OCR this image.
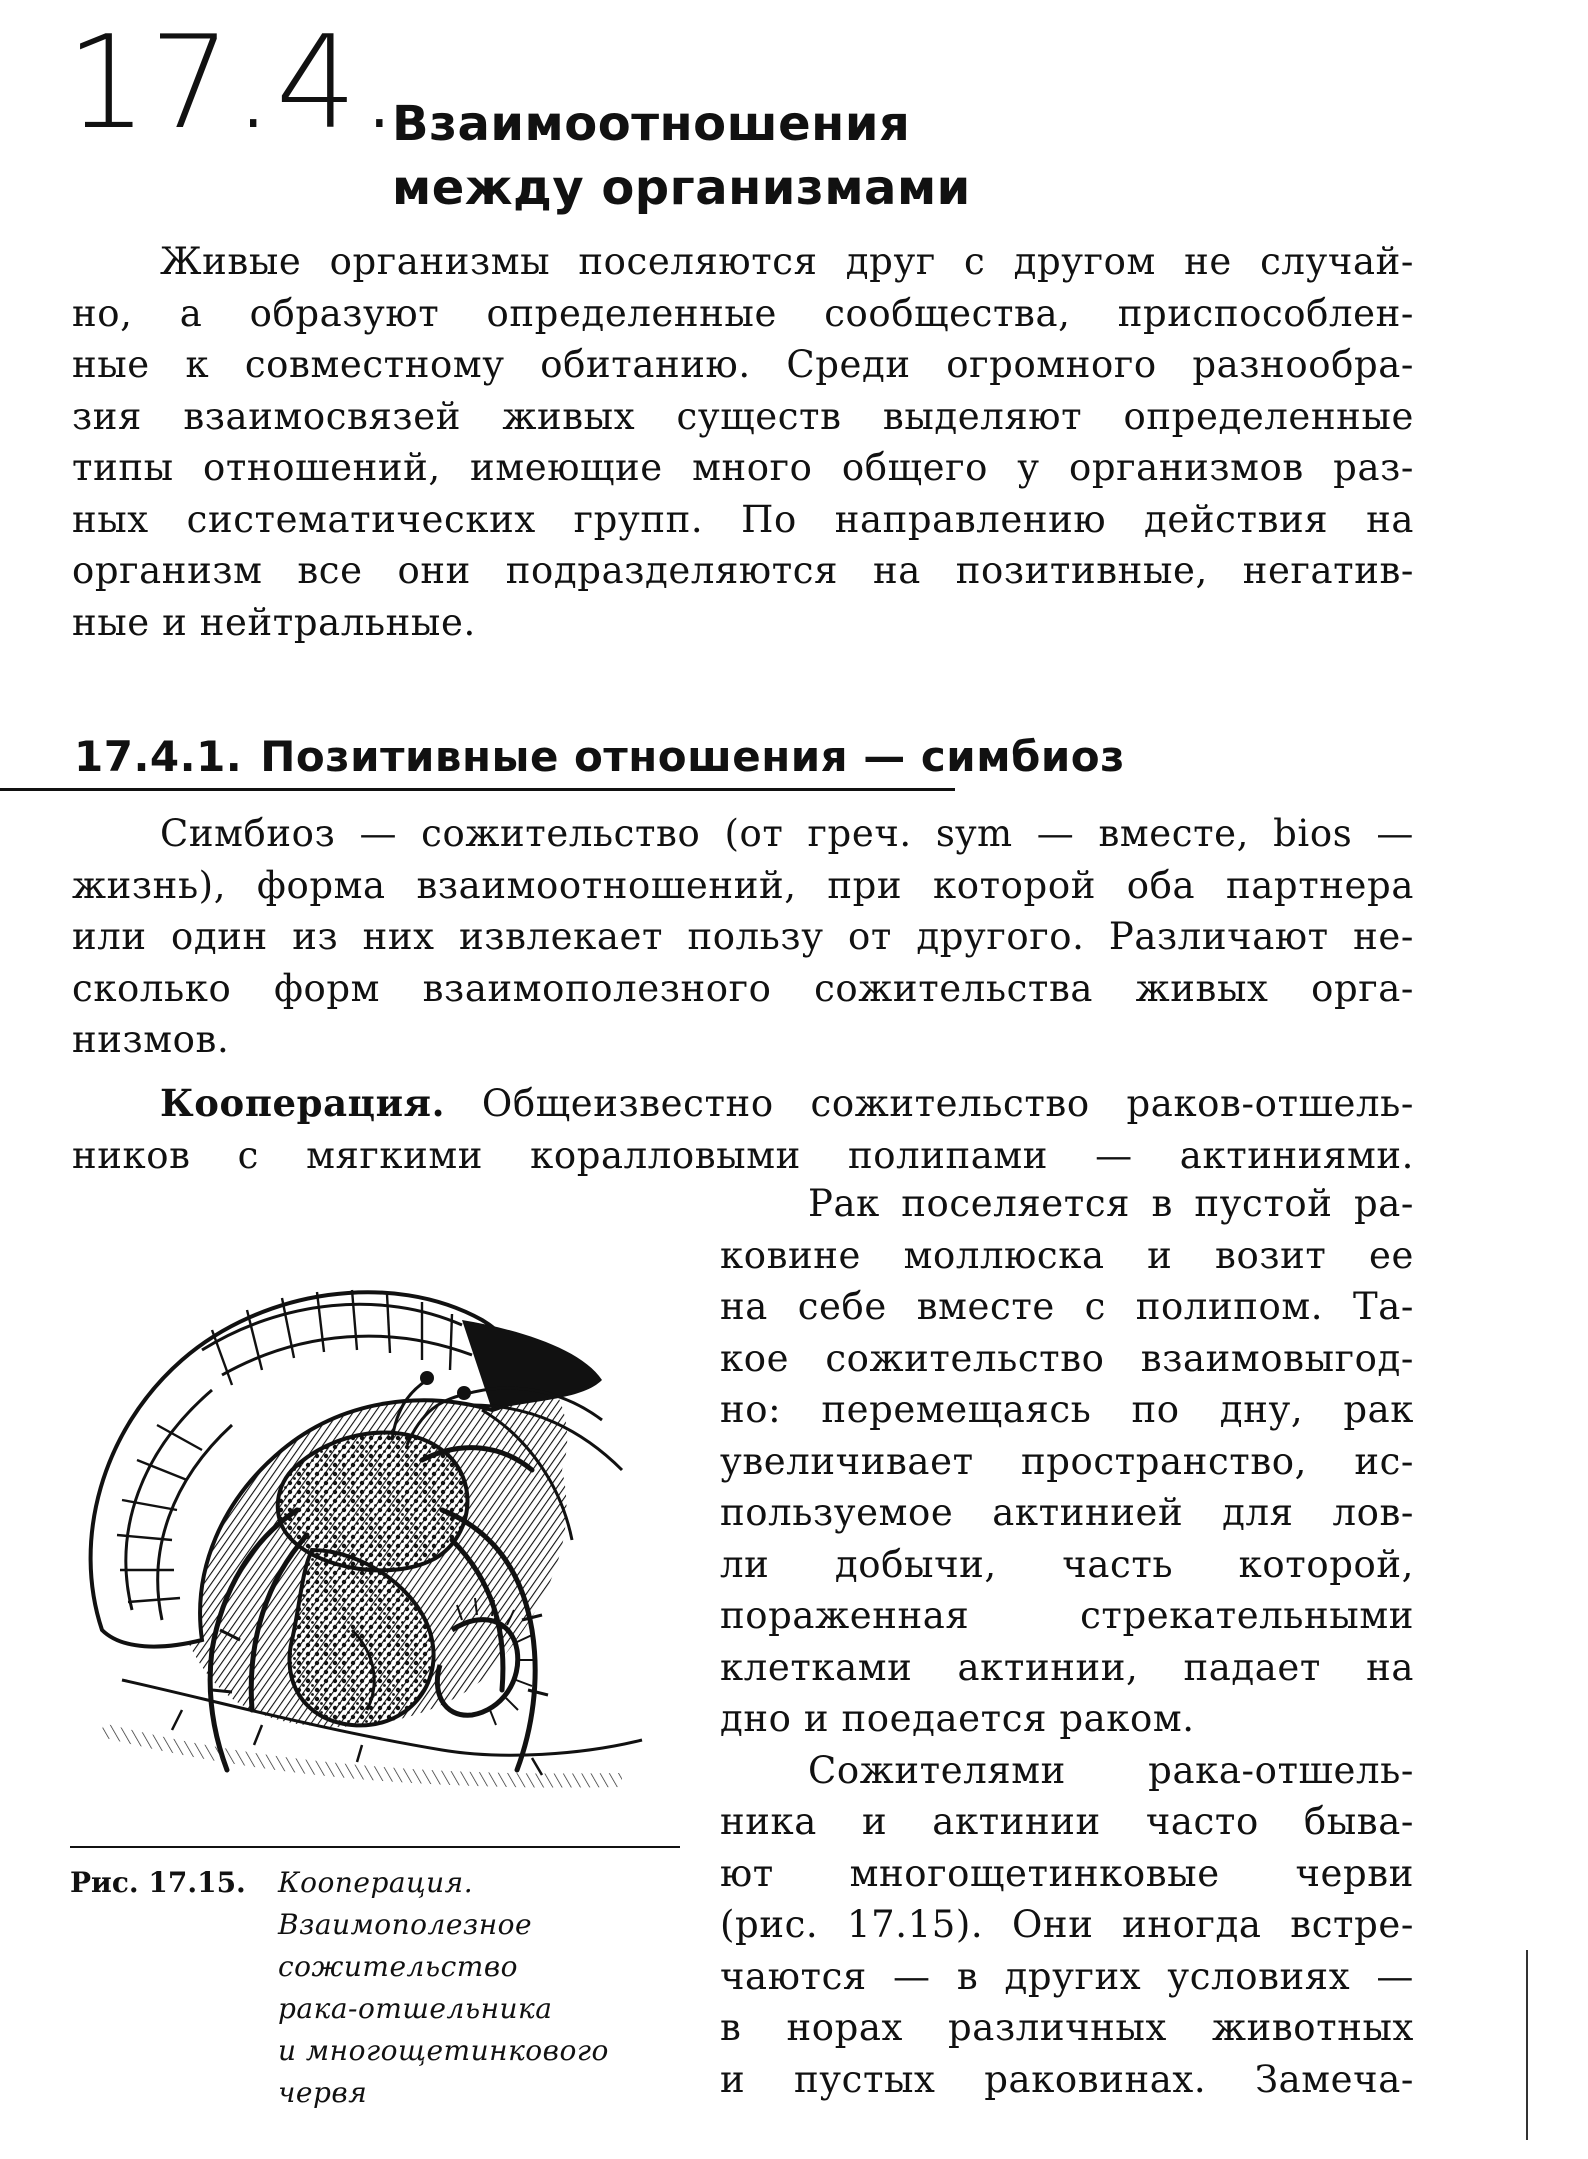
17.4.
Взаимоотношения
между организмами
Живые организмы поселяются друг с другом не случай-
но, а образуют определенные сообщества, приспособлен-
ные к совместному обитанию. Среди огромного разнообра-
зия взаимосвязей живых существ выделяют определенные
типы отношений, имеющие много общего у организмов раз-
ных систематических групп. По направлению действия на
организм все они подразделяются на позитивные, негатив-
ные и нейтральные.
17.4.1. Позитивные отношения — симбиоз
Симбиоз — сожительство (от греч. sym — вместе, bios —
жизнь), форма взаимоотношений, при которой оба партнера
или один из них извлекает пользу от другого. Различают не-
сколько форм взаимополезного сожительства живых орга-
низмов.
Кооперация. Общеизвестно сожительство раков-отшель-
ников с мягкими коралловыми полипами — актиниями.
Рак поселяется в пустой ра-
ковине моллюска и возит ее
на себе вместе с полипом. Та-
кое сожительство взаимовыгод-
но: перемещаясь по дну, рак
увеличивает пространство, ис-
пользуемое актинией для лов-
ли добычи, часть которой,
пораженная стрекательными
клетками актинии, падает на
дно и поедается раком.
Сожителями рака-отшель-
ника и актинии часто быва-
ют многощетинковые черви
(рис. 17.15). Они иногда встре-
чаются — в других условиях —
в норах различных животных
и пустых раковинах. Замеча-
Рис. 17.15. Кооперация.
Взаимополезное
сожительство
рака-отшельника
и многощетинкового
червя
